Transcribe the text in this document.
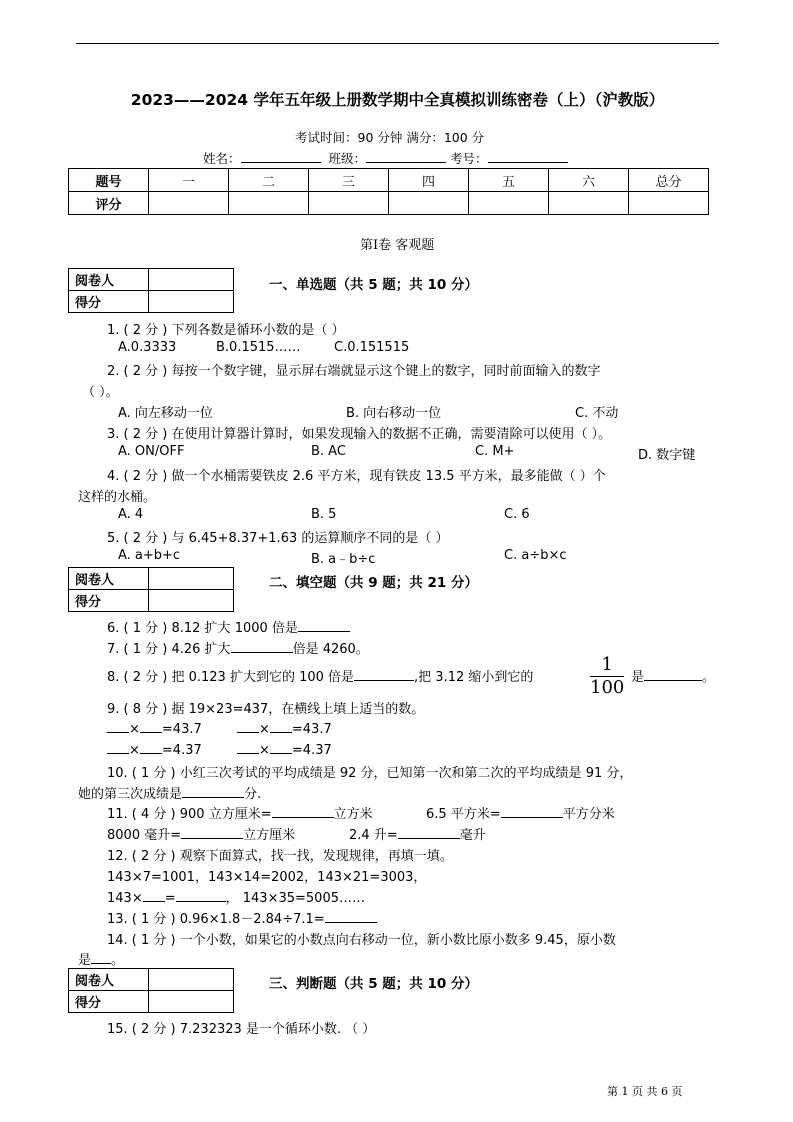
2023——2024 学年五年级上册数学期中全真模拟训练密卷（上）（沪教版）
考试时间：90 分钟 满分：100 分
姓名：	班级：	考号：
题号	一	二	三	四	五	六	总分
评分							
第Ⅰ卷 客观题
阅卷人	
得分	
一、单选题（共 5 题；共 10 分）
1. ( 2 分 ) 下列各数是循环小数的是（ ）
A.0.3333	B.0.1515……	C.0.151515
2. ( 2 分 ) 每按一个数字键，显示屏右端就显示这个键上的数字，同时前面输入的数字
（ ）。
A. 向左移动一位	B. 向右移动一位	C. 不动
3. ( 2 分 ) 在使用计算器计算时，如果发现输入的数据不正确，需要清除可以使用（ ）。
A. ON/OFF	B. AC	C. M+	D. 数字键
4. ( 2 分 ) 做一个水桶需要铁皮 2.6 平方米，现有铁皮 13.5 平方米，最多能做（ ）个
这样的水桶。
A. 4	B. 5	C. 6
5. ( 2 分 ) 与 6.45+8.37+1.63 的运算顺序不同的是（ ）
A. a+b+c	B. a﹣b÷c	C. a÷b×c
阅卷人	
得分	
二、填空题（共 9 题；共 21 分）
6. ( 1 分 ) 8.12 扩大 1000 倍是
7. ( 1 分 ) 4.26 扩大	倍是 4260。
8. ( 2 分 ) 把 0.123 扩大到它的 100 倍是	,把 3.12 缩小到它的
1
100 是	。
9. ( 8 分 ) 据 19×23=437，在横线上填上适当的数。
× =43.7	× =43.7
× =4.37	× =4.37
10. ( 1 分 ) 小红三次考试的平均成绩是 92 分，已知第一次和第二次的平均成绩是 91 分，
她的第三次成绩是	分.
11. ( 4 分 ) 900 立方厘米=	立方米	6.5 平方米=	平方分米
8000 毫升=	立方厘米	2.4 升=	毫升
12. ( 2 分 ) 观察下面算式，找一找，发现规律，再填一填。
143×7=1001，143×14=2002，143×21=3003，
143× =	， 143×35=5005……
13. ( 1 分 ) 0.96×1.8－2.84÷7.1=
14. ( 1 分 ) 一个小数，如果它的小数点向右移动一位，新小数比原小数多 9.45，原小数
是 。
阅卷人	
得分	
三、判断题（共 5 题；共 10 分）
15. ( 2 分 ) 7.232323 是一个循环小数. （ ）
第 1 页 共 6 页
